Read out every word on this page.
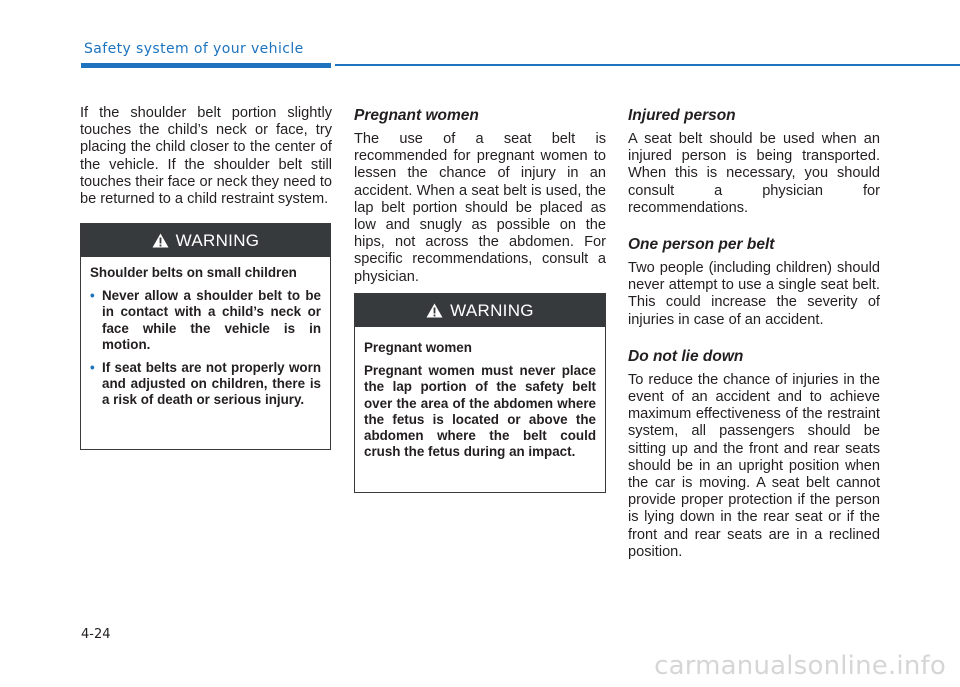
Safety system of your vehicle

If the shoulder belt portion slightly touches the child’s neck or face, try placing the child closer to the center of the vehicle. If the shoulder belt still touches their face or neck they need to be returned to a child restraint system.

WARNING

Shoulder belts on small children

• Never allow a shoulder belt to be in contact with a child’s neck or face while the vehicle is in motion.
• If seat belts are not properly worn and adjusted on children, there is a risk of death or serious injury.
Pregnant women

The use of a seat belt is recommended for pregnant women to lessen the chance of injury in an accident. When a seat belt is used, the lap belt portion should be placed as low and snugly as possible on the hips, not across the abdomen. For specific recommendations, consult a physician.

WARNING

Pregnant women

Pregnant women must never place the lap portion of the safety belt over the area of the abdomen where the fetus is located or above the abdomen where the belt could crush the fetus during an impact.

Injured person

A seat belt should be used when an injured person is being transported. When this is necessary, you should consult a physician for recommendations.

One person per belt

Two people (including children) should never attempt to use a single seat belt. This could increase the severity of injuries in case of an accident.

Do not lie down

To reduce the chance of injuries in the event of an accident and to achieve maximum effectiveness of the restraint system, all passengers should be sitting up and the front and rear seats should be in an upright position when the car is moving. A seat belt cannot provide proper protection if the person is lying down in the rear seat or if the front and rear seats are in a reclined position.

4-24
carmanualsonline.info
